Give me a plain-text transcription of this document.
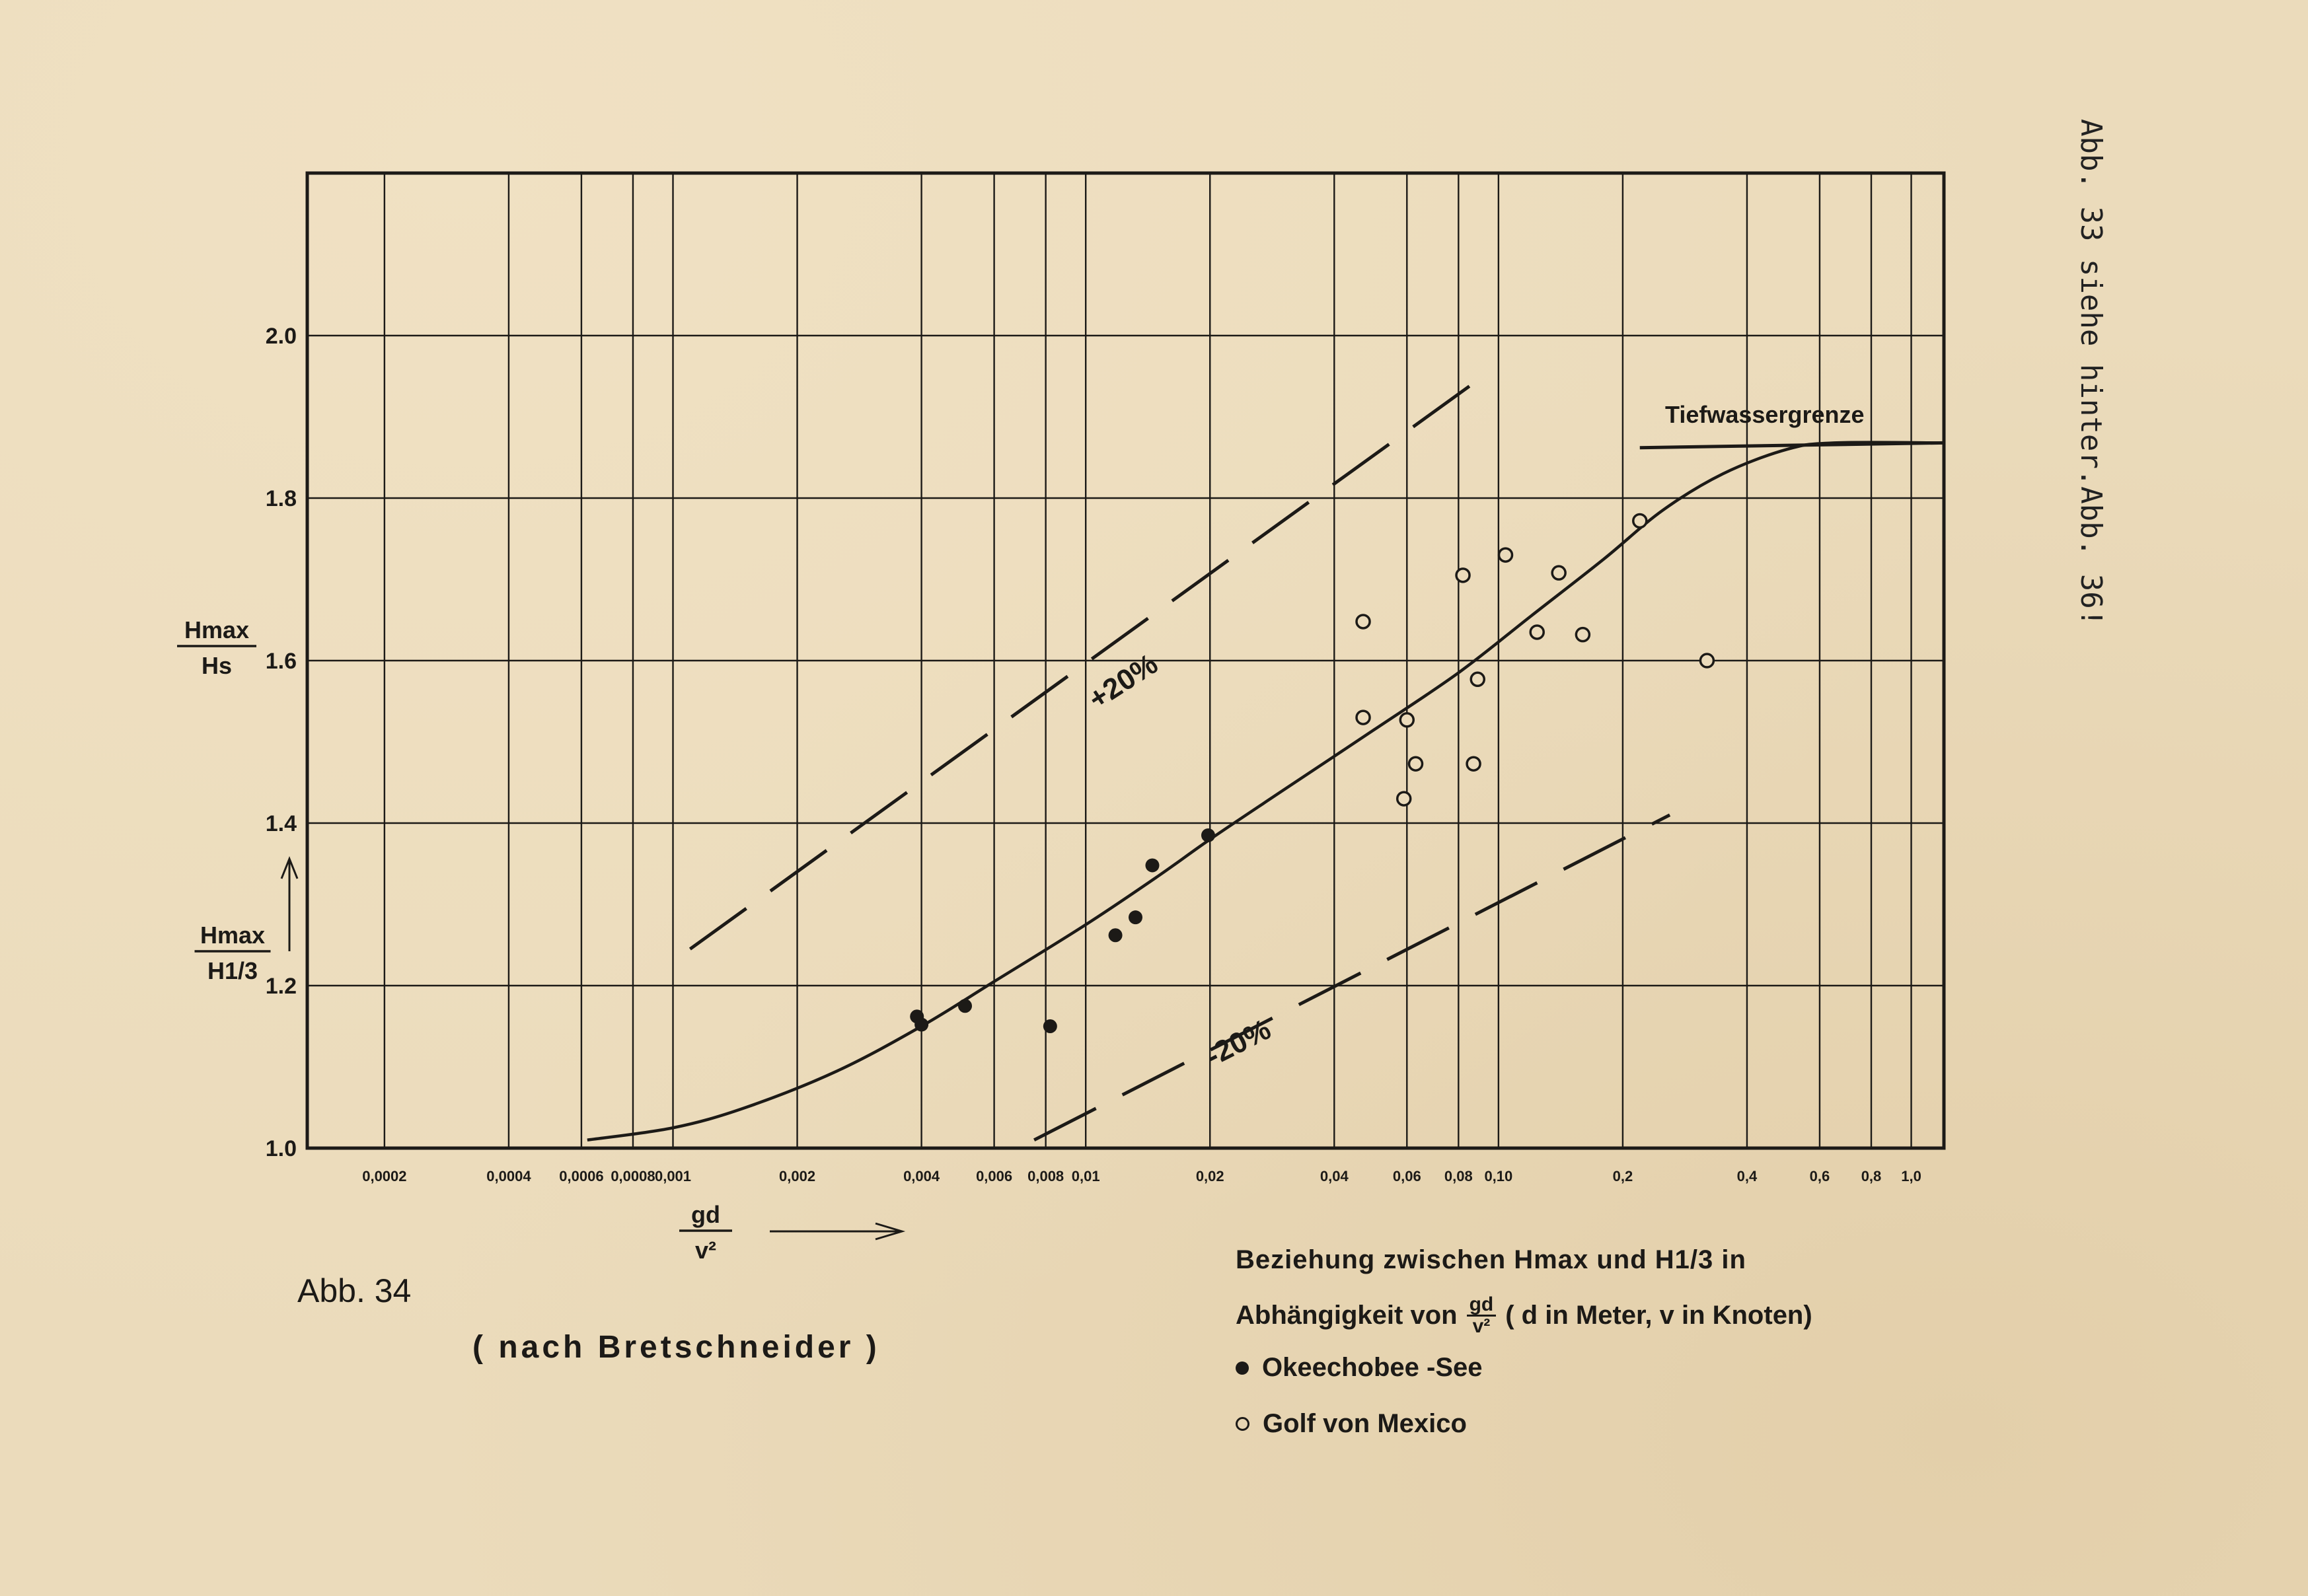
0,0002	0,0004 0,0006 0,0008 0,001	0,002	0,004 0,006 0,008 0,01	0,02	0,04	0,06 0,08 0,10	0,2	0,4	0,6 0,8 1,0
1.0
1.2
1.4
1.6
1.8
2.0
Hmax
Hs
Hmax
H1/3
gd
v²
+20%
-20%
Tiefwassergrenze	Abb. 33 siehe hinter.Abb. 36!
Abb. 34
( nach Bretschneider )
Beziehung zwischen Hmax und H1/3 in
Abhängigkeit von $\frac{gd}{\text{v²}}$ ( d in Meter, v in Knoten)
Okeechobee -See
Golf von Mexico
